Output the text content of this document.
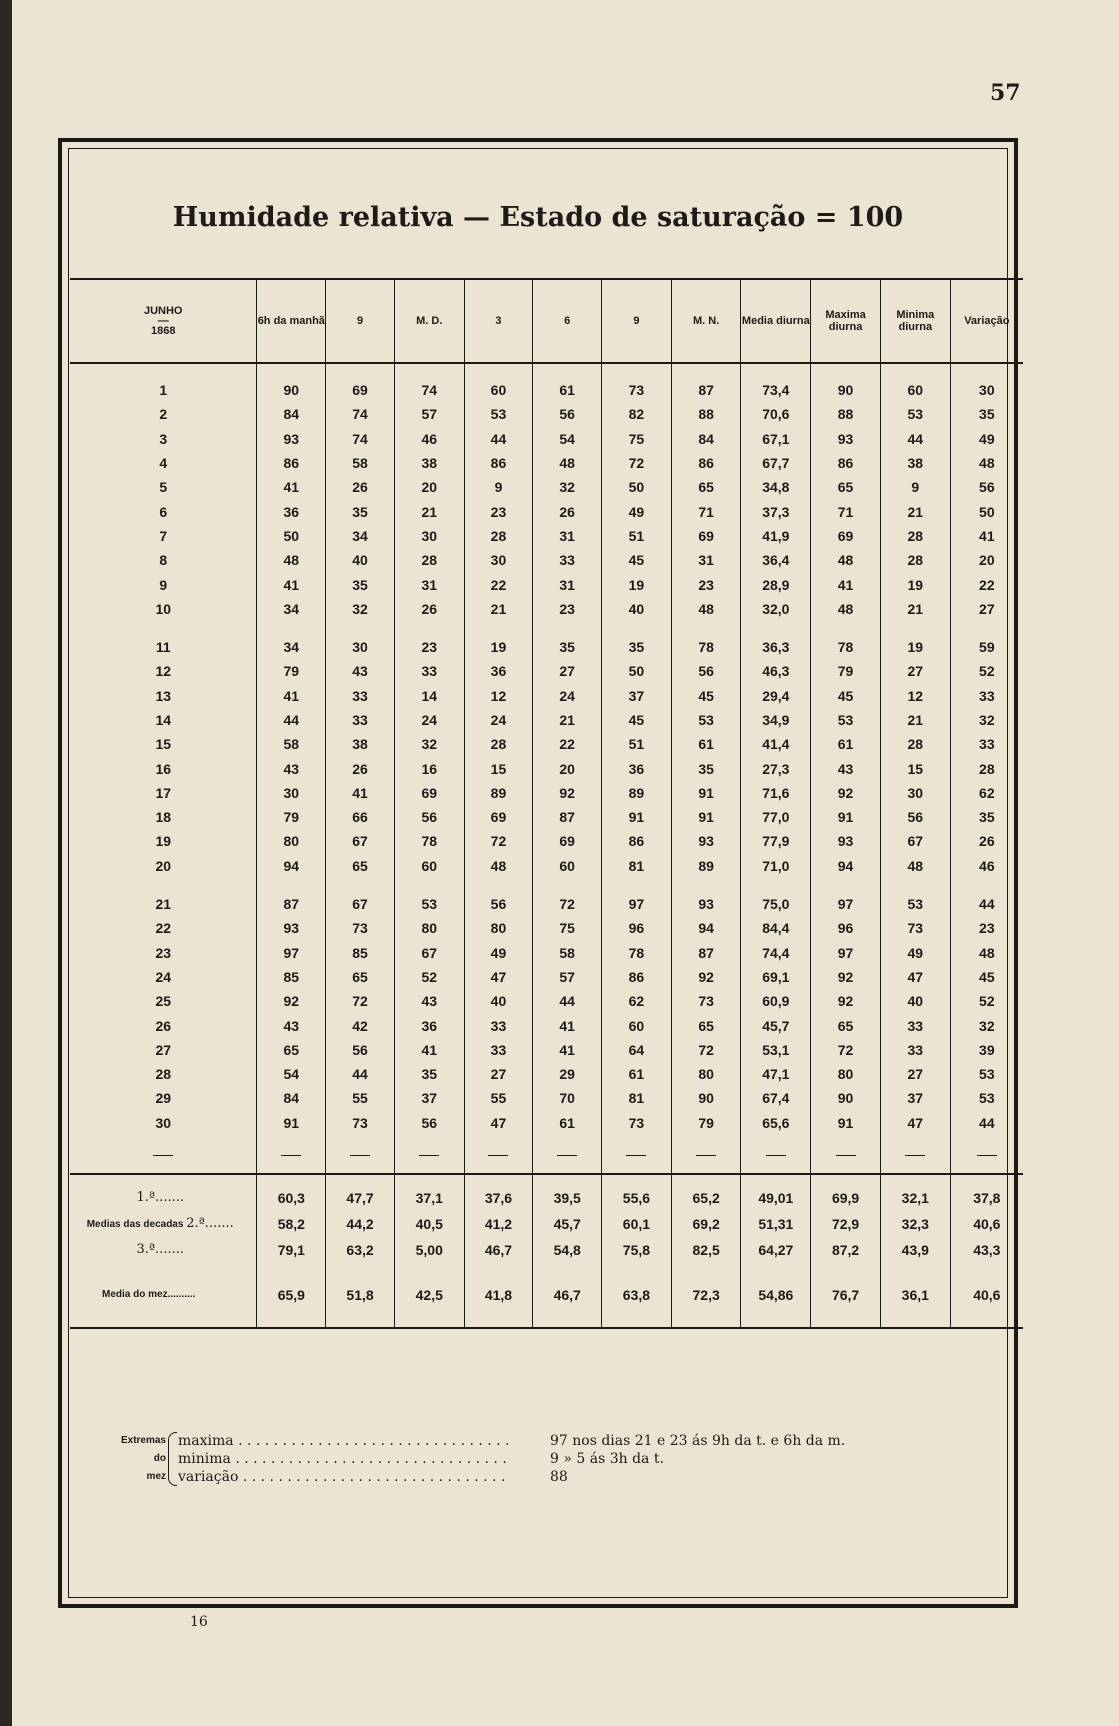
57
Humidade relativa — Estado de saturação = 100
JUNHO
—
1868	6h da manhã	9	M. D.	3	6	9	M. N.	Media diurna	Maxima diurna	Minima diurna	Variação
1	90	69	74	60	61	73	87	73,4	90	60	30
2	84	74	57	53	56	82	88	70,6	88	53	35
3	93	74	46	44	54	75	84	67,1	93	44	49
4	86	58	38	86	48	72	86	67,7	86	38	48
5	41	26	20	9	32	50	65	34,8	65	9	56
6	36	35	21	23	26	49	71	37,3	71	21	50
7	50	34	30	28	31	51	69	41,9	69	28	41
8	48	40	28	30	33	45	31	36,4	48	28	20
9	41	35	31	22	31	19	23	28,9	41	19	22
10	34	32	26	21	23	40	48	32,0	48	21	27
11	34	30	23	19	35	35	78	36,3	78	19	59
12	79	43	33	36	27	50	56	46,3	79	27	52
13	41	33	14	12	24	37	45	29,4	45	12	33
14	44	33	24	24	21	45	53	34,9	53	21	32
15	58	38	32	28	22	51	61	41,4	61	28	33
16	43	26	16	15	20	36	35	27,3	43	15	28
17	30	41	69	89	92	89	91	71,6	92	30	62
18	79	66	56	69	87	91	91	77,0	91	56	35
19	80	67	78	72	69	86	93	77,9	93	67	26
20	94	65	60	48	60	81	89	71,0	94	48	46
21	87	67	53	56	72	97	93	75,0	97	53	44
22	93	73	80	80	75	96	94	84,4	96	73	23
23	97	85	67	49	58	78	87	74,4	97	49	48
24	85	65	52	47	57	86	92	69,1	92	47	45
25	92	72	43	40	44	62	73	60,9	92	40	52
26	43	42	36	33	41	60	65	45,7	65	33	32
27	65	56	41	33	41	64	72	53,1	72	33	39
28	54	44	35	27	29	61	80	47,1	80	27	53
29	84	55	37	55	70	81	90	67,4	90	37	53
30	91	73	56	47	61	73	79	65,6	91	47	44

1.ª.......	60,3	47,7	37,1	37,6	39,5	55,6	65,2	49,01	69,9	32,1	37,8
Medias das decadas 2.ª.......	58,2	44,2	40,5	41,2	45,7	60,1	69,2	51,31	72,9	32,3	40,6
3.ª.......	79,1	63,2	5,00	46,7	54,8	75,8	82,5	64,27	87,2	43,9	43,3
Media do mez..........	65,9	51,8	42,5	41,8	46,7	63,8	72,3	54,86	76,7	36,1	40,6
Extremas maxima . . .	97 nos dias 21 e 23 ás 9h da t. e 6h da m.
do minima . . .	9 » 5 ás 3h da t.
mez variação . . .	88
16
